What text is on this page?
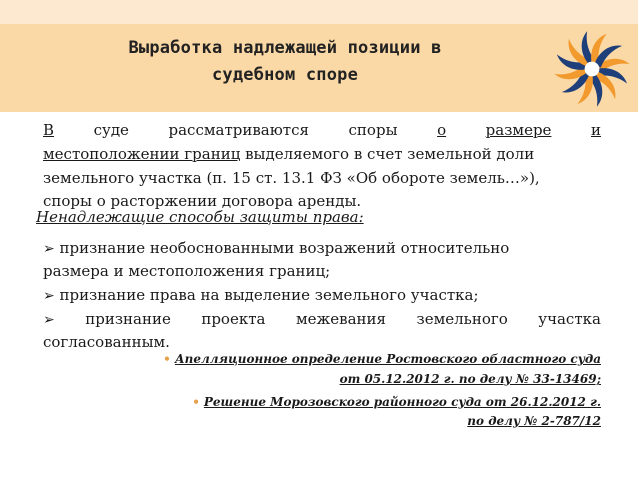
Выработка надлежащей позиции в
судебном споре
В	суде	рассматриваются	споры	о	размере	и
местоположении границ выделяемого в счет земельной доли
земельного участка (п. 15 ст. 13.1 ФЗ «Об обороте земель…»),
споры о расторжении договора аренды.
Ненадлежащие способы защиты права:
➢ признание необоснованными возражений относительно
размера и местоположения границ;
➢ признание права на выделение земельного участка;
➢ признание проекта межевания земельного участка
согласованным.
• Апелляционное определение Ростовского областного суда
от 05.12.2012 г. по делу № 33-13469;
• Решение Морозовского районного суда от 26.12.2012 г.
по делу № 2-787/12
